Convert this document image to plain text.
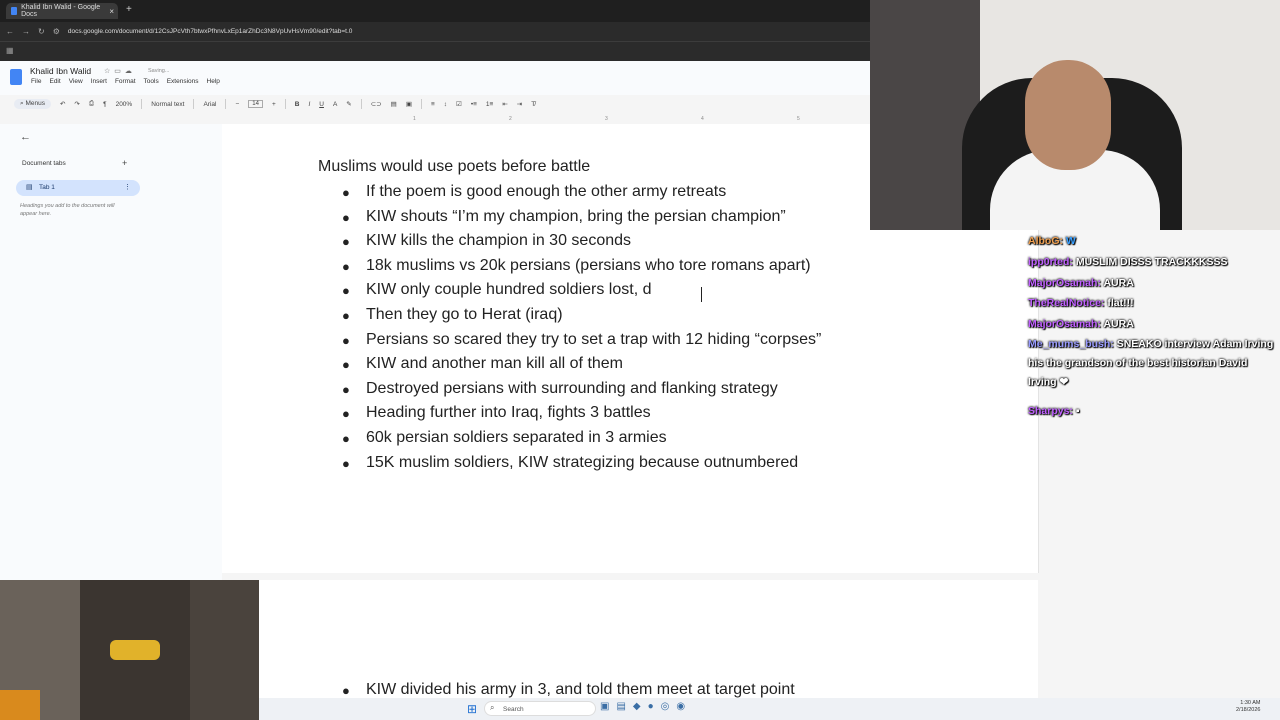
Khalid Ibn Walid - Google Docs	× +
← → ↻ ⚙ docs.google.com/document/d/12CsJPcVth7btwxPfhnvLxEp1arZhDc3N8VpUvHsVm90/edit?tab=t.0
▦
Khalid Ibn Walid ☆▭☁ Saving...
File Edit View Insert Format Tools Extensions Help
⌕ Menus	↶ ↷ ⎙ ¶ 200%	Normal text	Arial	−	14	+	B I U A ✎	⊂⊃ ▤ ▣	≡ ↕ ☑ •≡ 1≡ ⇤ ⇥ T̸
1	2	3	4	5
←
Document tabs	+
▤ Tab 1	⋮
Headings you add to the document will appear here.
Muslims would use poets before battle
●	If the poem is good enough the other army retreats
●	KIW shouts “I’m my champion, bring the persian champion”
●	KIW kills the champion in 30 seconds
●	18k muslims vs 20k persians (persians who tore romans apart)
●	KIW only couple hundred soldiers lost, d
●	Then they go to Herat (iraq)
●	Persians so scared they try to set a trap with 12 hiding “corpses”
●	KIW and another man kill all of them
●	Destroyed persians with surrounding and flanking strategy
●	Heading further into Iraq, fights 3 battles
●	60k persian soldiers separated in 3 armies
●	15K muslim soldiers, KIW strategizing because outnumbered
●	KIW divided his army in 3, and told them meet at target point
AlboG: W
ipp0rted: MUSLIM DISSS TRACKKKSSS
MajorOsamah: AURA
TheRealNotice: flat!!!
MajorOsamah: AURA
Me_mums_bush: SNEAKO interview Adam Irving his the grandson of the best historian David Irving ❤
Sharpys: ▪
⊞	Search
⌕	▣▤◆●◎◉	1:30 AM
2/18/2026
